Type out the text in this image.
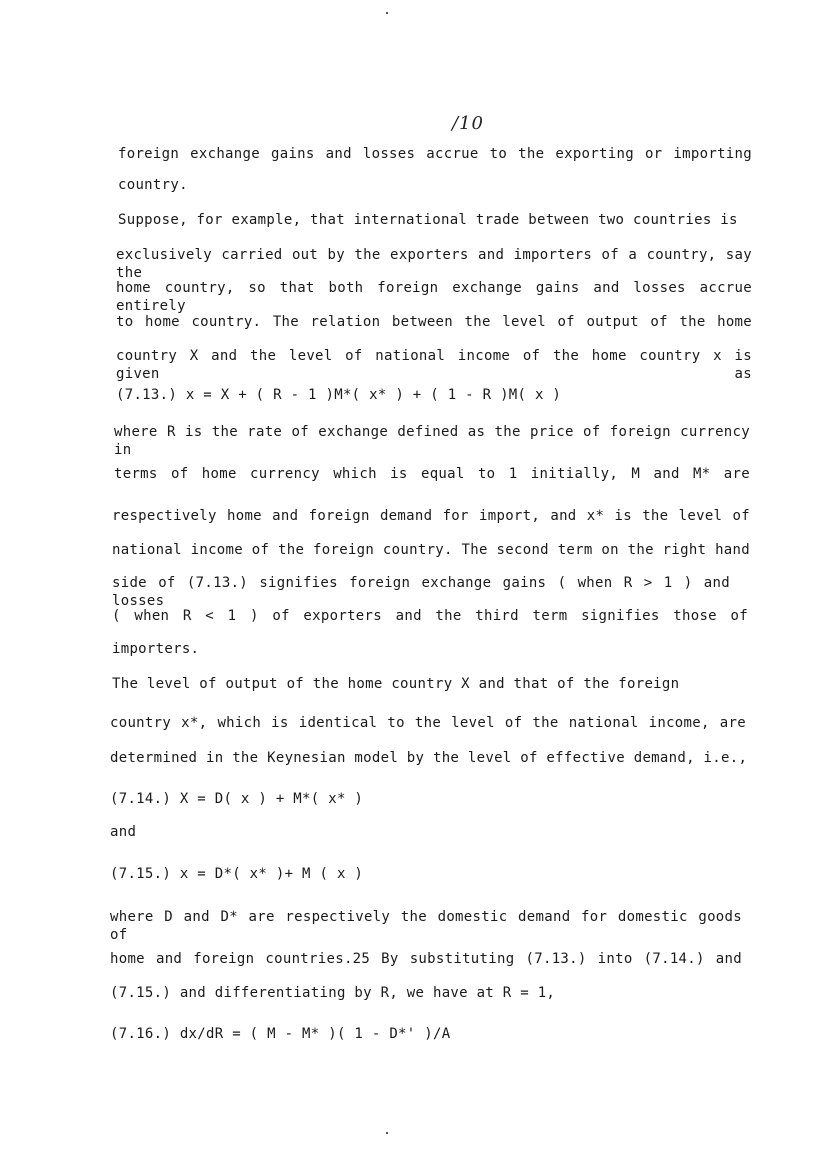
/10
foreign exchange gains and losses accrue to the exporting or importing
country.
Suppose, for example, that international trade between two countries is
exclusively carried out by the exporters and importers of a country, say the
home country, so that both foreign exchange gains and losses accrue entirely
to home country. The relation between the level of output of the home
country X and the level of national income of the home country x is given as
(7.13.) x = X + ( R - 1 )M*( x* ) + ( 1 - R )M( x )
where R is the rate of exchange defined as the price of foreign currency in
terms of home currency which is equal to 1 initially, M and M* are
respectively home and foreign demand for import, and x* is the level of
national income of the foreign country. The second term on the right hand
side of (7.13.) signifies foreign exchange gains ( when R > 1 ) and losses
( when R < 1 ) of exporters and the third term signifies those of
importers.
The level of output of the home country X and that of the foreign
country x*, which is identical to the level of the national income, are
determined in the Keynesian model by the level of effective demand, i.e.,
(7.14.) X = D( x ) + M*( x* )
and
(7.15.) x = D*( x* )+ M ( x )
where D and D* are respectively the domestic demand for domestic goods of
home and foreign countries.25 By substituting (7.13.) into (7.14.) and
(7.15.) and differentiating by R, we have at R = 1,
(7.16.) dx/dR = ( M - M* )( 1 - D*' )/A
